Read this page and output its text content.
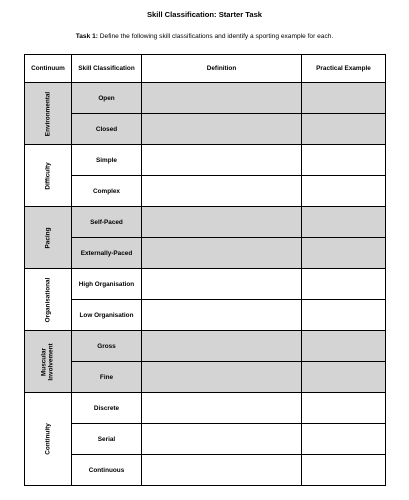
Skill Classification: Starter Task
Task 1: Define the following skill classifications and identify a sporting example for each.
Continuum	Skill Classification	Definition	Practical Example

Environmental	Open		
	Closed		

Difficulty	Simple		
	Complex		

Pacing	Self-Paced		
	Externally-Paced		

Organisational	High Organisation		
	Low Organisation		

Muscular Involvement	Gross		
	Fine		

Continuity	Discrete		
	Serial		
	Continuous		
